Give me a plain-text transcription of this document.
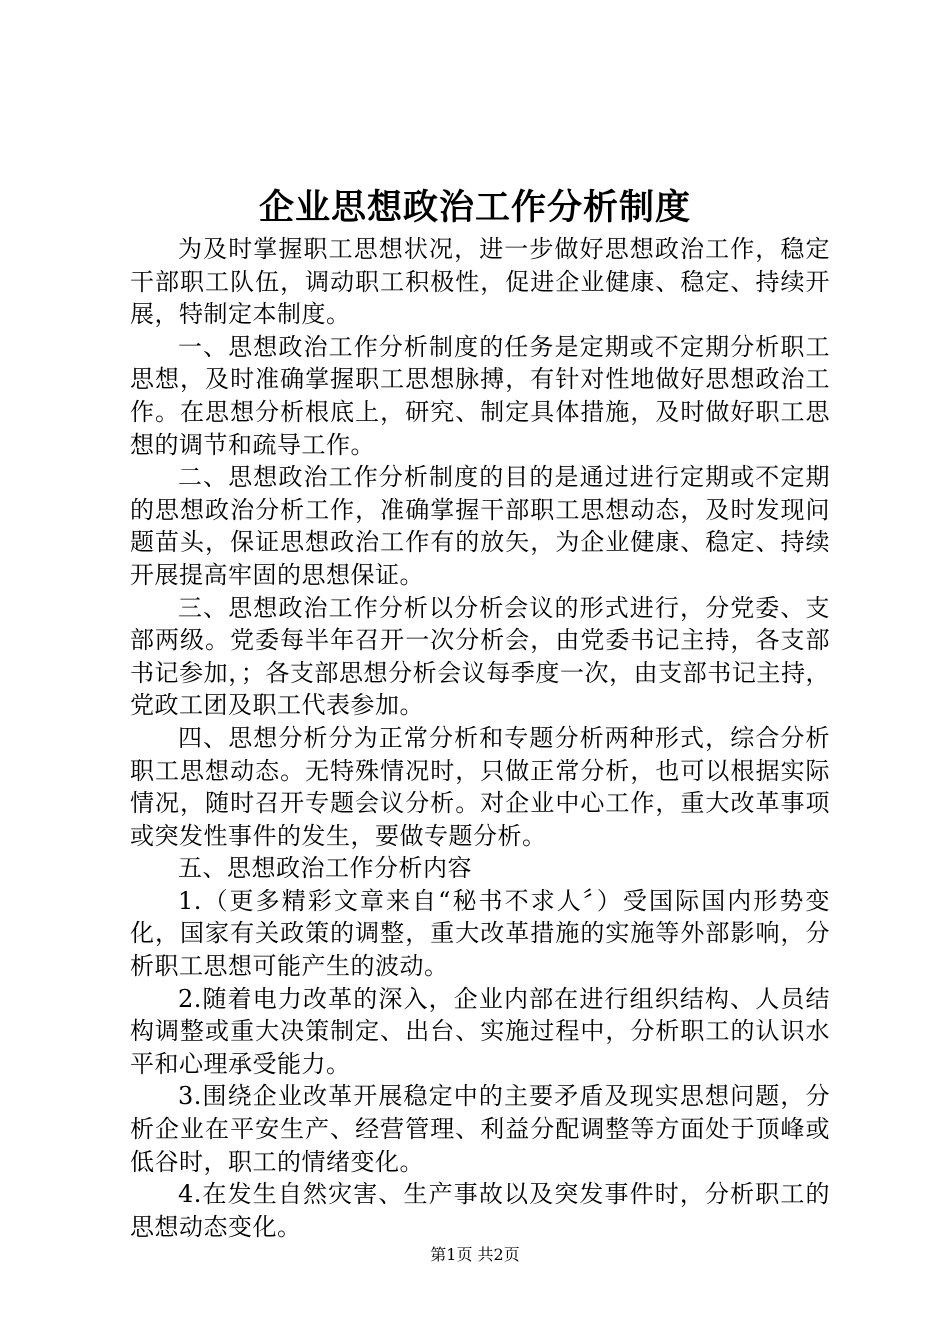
企业思想政治工作分析制度

为及时掌握职工思想状况，进一步做好思想政治工作，稳定干部职工队伍，调动职工积极性，促进企业健康、稳定、持续开展，特制定本制度。

一、思想政治工作分析制度的任务是定期或不定期分析职工思想，及时准确掌握职工思想脉搏，有针对性地做好思想政治工作。在思想分析根底上，研究、制定具体措施，及时做好职工思想的调节和疏导工作。

二、思想政治工作分析制度的目的是通过进行定期或不定期的思想政治分析工作，准确掌握干部职工思想动态，及时发现问题苗头，保证思想政治工作有的放矢，为企业健康、稳定、持续开展提高牢固的思想保证。

三、思想政治工作分析以分析会议的形式进行，分党委、支部两级。党委每半年召开一次分析会，由党委书记主持，各支部书记参加，；各支部思想分析会议每季度一次，由支部书记主持，党政工团及职工代表参加。

四、思想分析分为正常分析和专题分析两种形式，综合分析职工思想动态。无特殊情况时，只做正常分析，也可以根据实际情况，随时召开专题会议分析。对企业中心工作，重大改革事项或突发性事件的发生，要做专题分析。

五、思想政治工作分析内容

1.（更多精彩文章来自“秘书不求人〞）受国际国内形势变化，国家有关政策的调整，重大改革措施的实施等外部影响，分析职工思想可能产生的波动。

2.随着电力改革的深入，企业内部在进行组织结构、人员结构调整或重大决策制定、出台、实施过程中，分析职工的认识水平和心理承受能力。

3.围绕企业改革开展稳定中的主要矛盾及现实思想问题，分析企业在平安生产、经营管理、利益分配调整等方面处于顶峰或低谷时，职工的情绪变化。

4.在发生自然灾害、生产事故以及突发事件时，分析职工的思想动态变化。

第1页 共2页
